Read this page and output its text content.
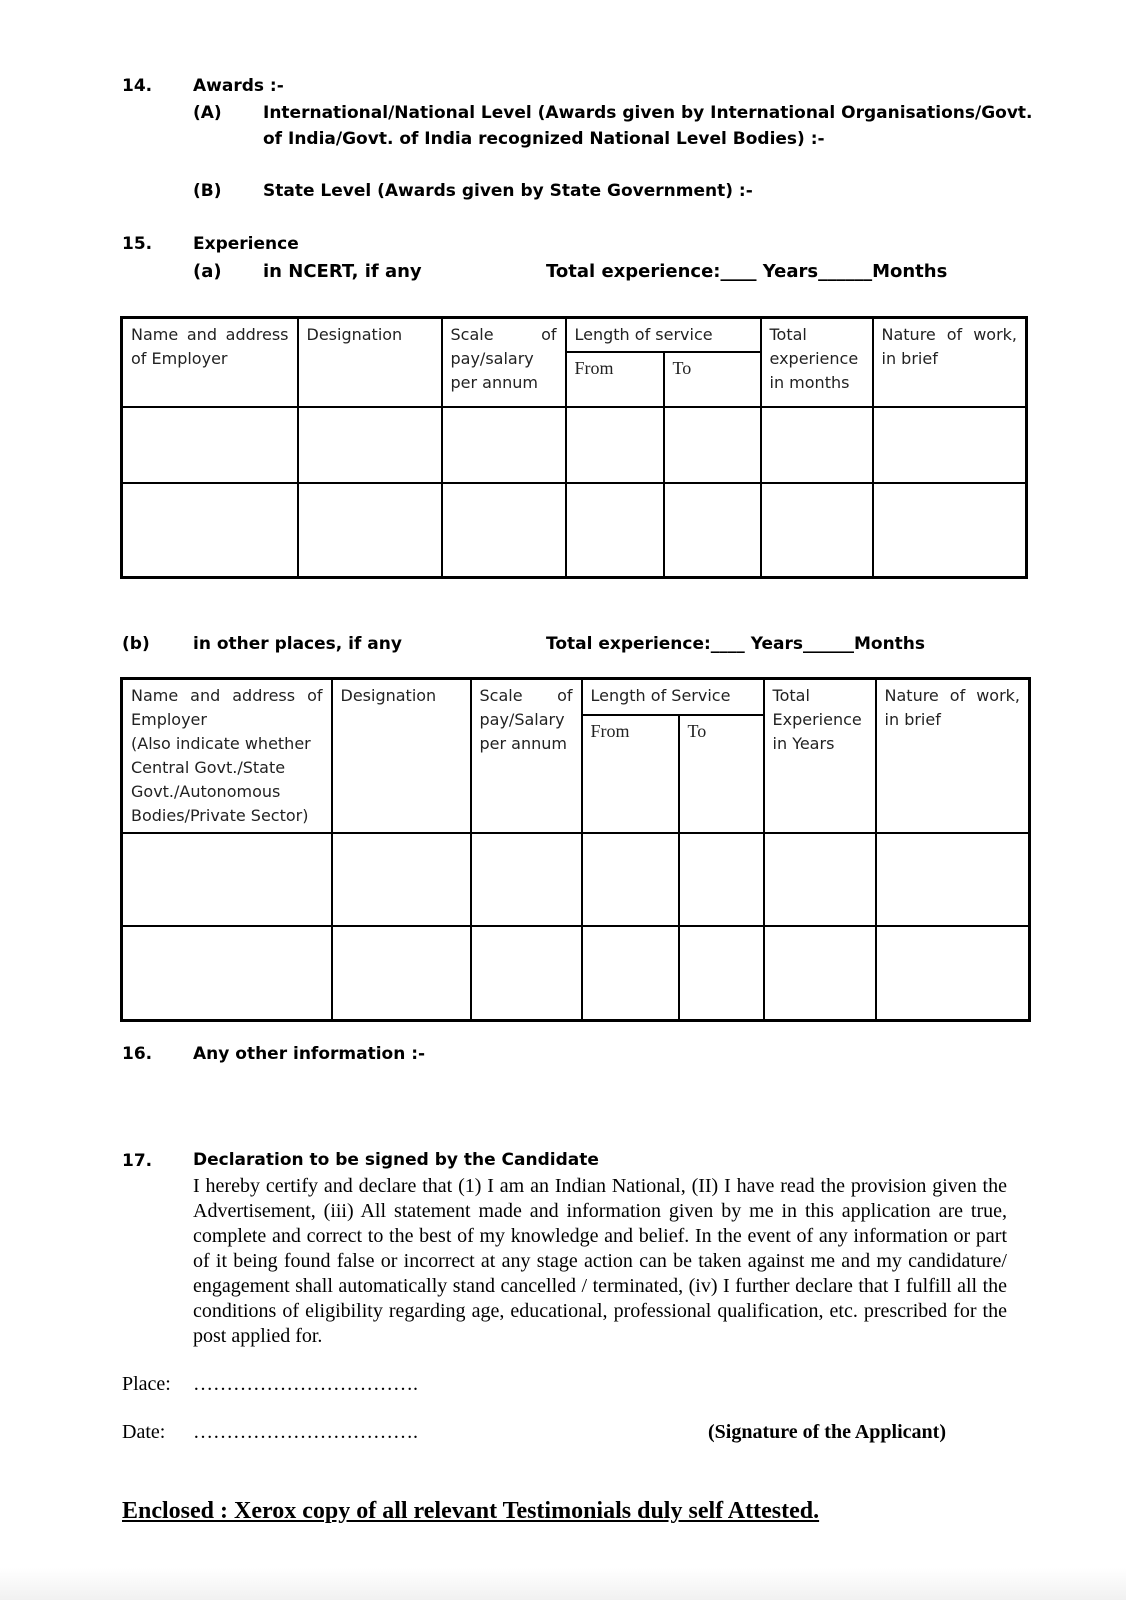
14. Awards :-
(A) International/National Level (Awards given by International Organisations/Govt.
of India/Govt. of India recognized National Level Bodies) :-
(B) State Level (Awards given by State Government) :-
15. Experience
(a) in NCERT, if any	Total experience:____ Years______Months
Name and address of Employer	Designation	Scale of pay/salary per annum	Length of service		Total experience in months	Nature of work, in brief
			From	To		

(b)	in other places, if any	Total experience:____ Years______Months
Name and address of Employer
(Also indicate whether Central Govt./State Govt./Autonomous Bodies/Private Sector)	Designation	Scale of pay/Salary per annum	Length of Service		Total Experience in Years	Nature of work, in brief
			From	To		

16. Any other information :-
17. Declaration to be signed by the Candidate
I hereby certify and declare that (1) I am an Indian National, (II) I have read the provision given the Advertisement, (iii) All statement made and information given by me in this application are true, complete and correct to the best of my knowledge and belief. In the event of any information or part of it being found false or incorrect at any stage action can be taken against me and my candidature/ engagement shall automatically stand cancelled / terminated, (iv) I further declare that I fulfill all the conditions of eligibility regarding age, educational, professional qualification, etc. prescribed for the post applied for.
Place: …………………………….
Date: …………………………….	(Signature of the Applicant)
Enclosed : Xerox copy of all relevant Testimonials duly self Attested.
